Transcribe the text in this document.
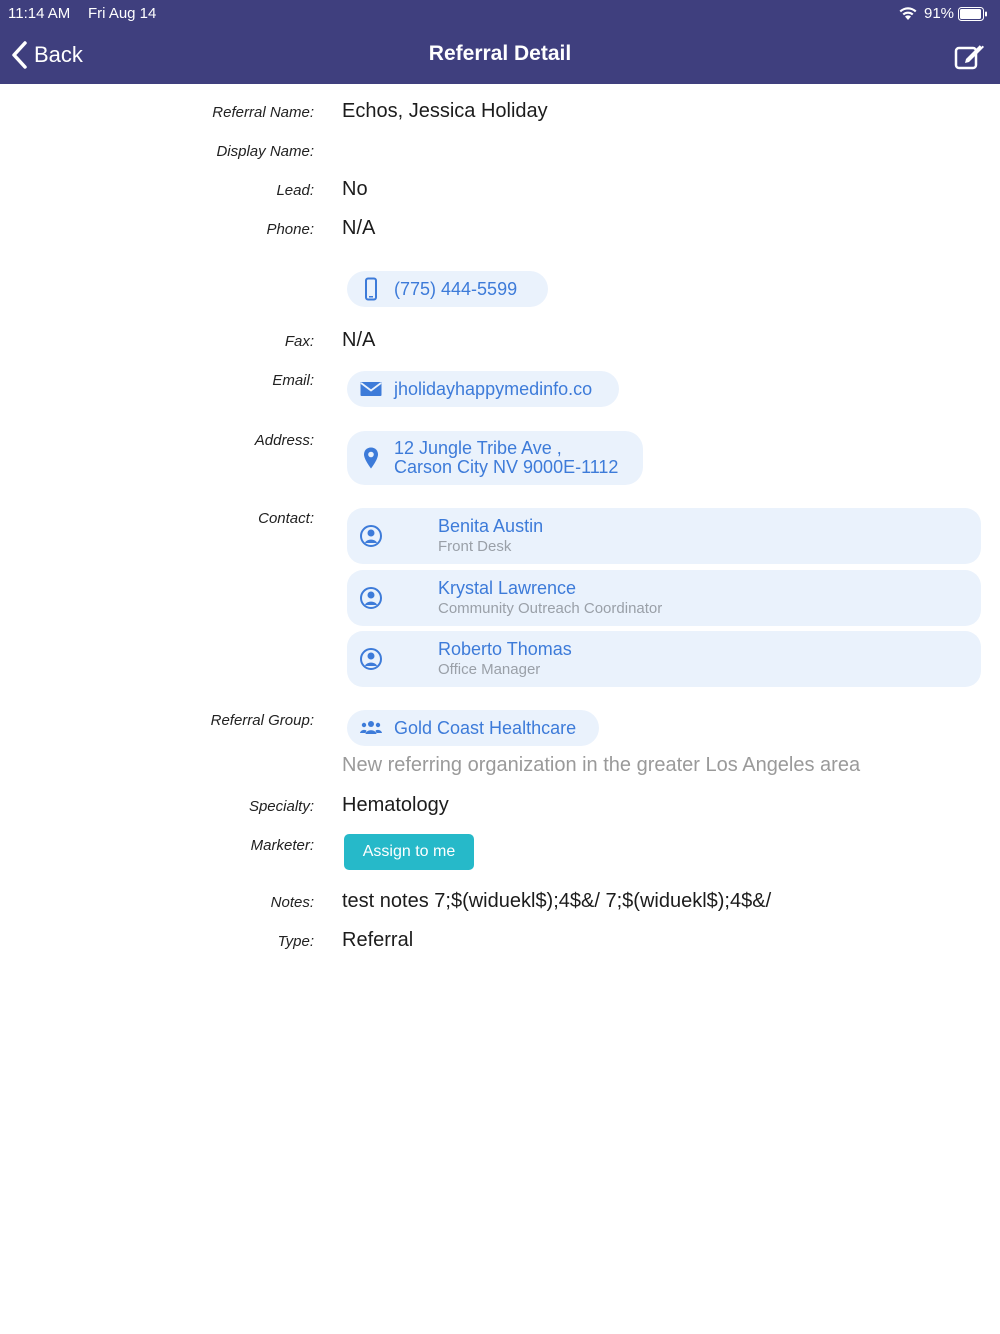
11:14 AM Fri Aug 14	91%
Back	Referral Detail
Referral Name: Echos, Jessica Holiday
Display Name:
Lead: No
Phone: N/A
(775) 444-5599
Fax: N/A
Email:	jholidayhappymedinfo.co
Address:	12 Jungle Tribe Ave ,
Carson City NV 9000E-1112
Contact:	Benita Austin
Front Desk
Krystal Lawrence
Community Outreach Coordinator
Roberto Thomas
Office Manager
Referral Group:	Gold Coast Healthcare
New referring organization in the greater Los Angeles area
Specialty: Hematology
Marketer:	Assign to me
Notes: test notes 7;$(widuekl$);4$&/ 7;$(widuekl$);4$&/
Type: Referral
